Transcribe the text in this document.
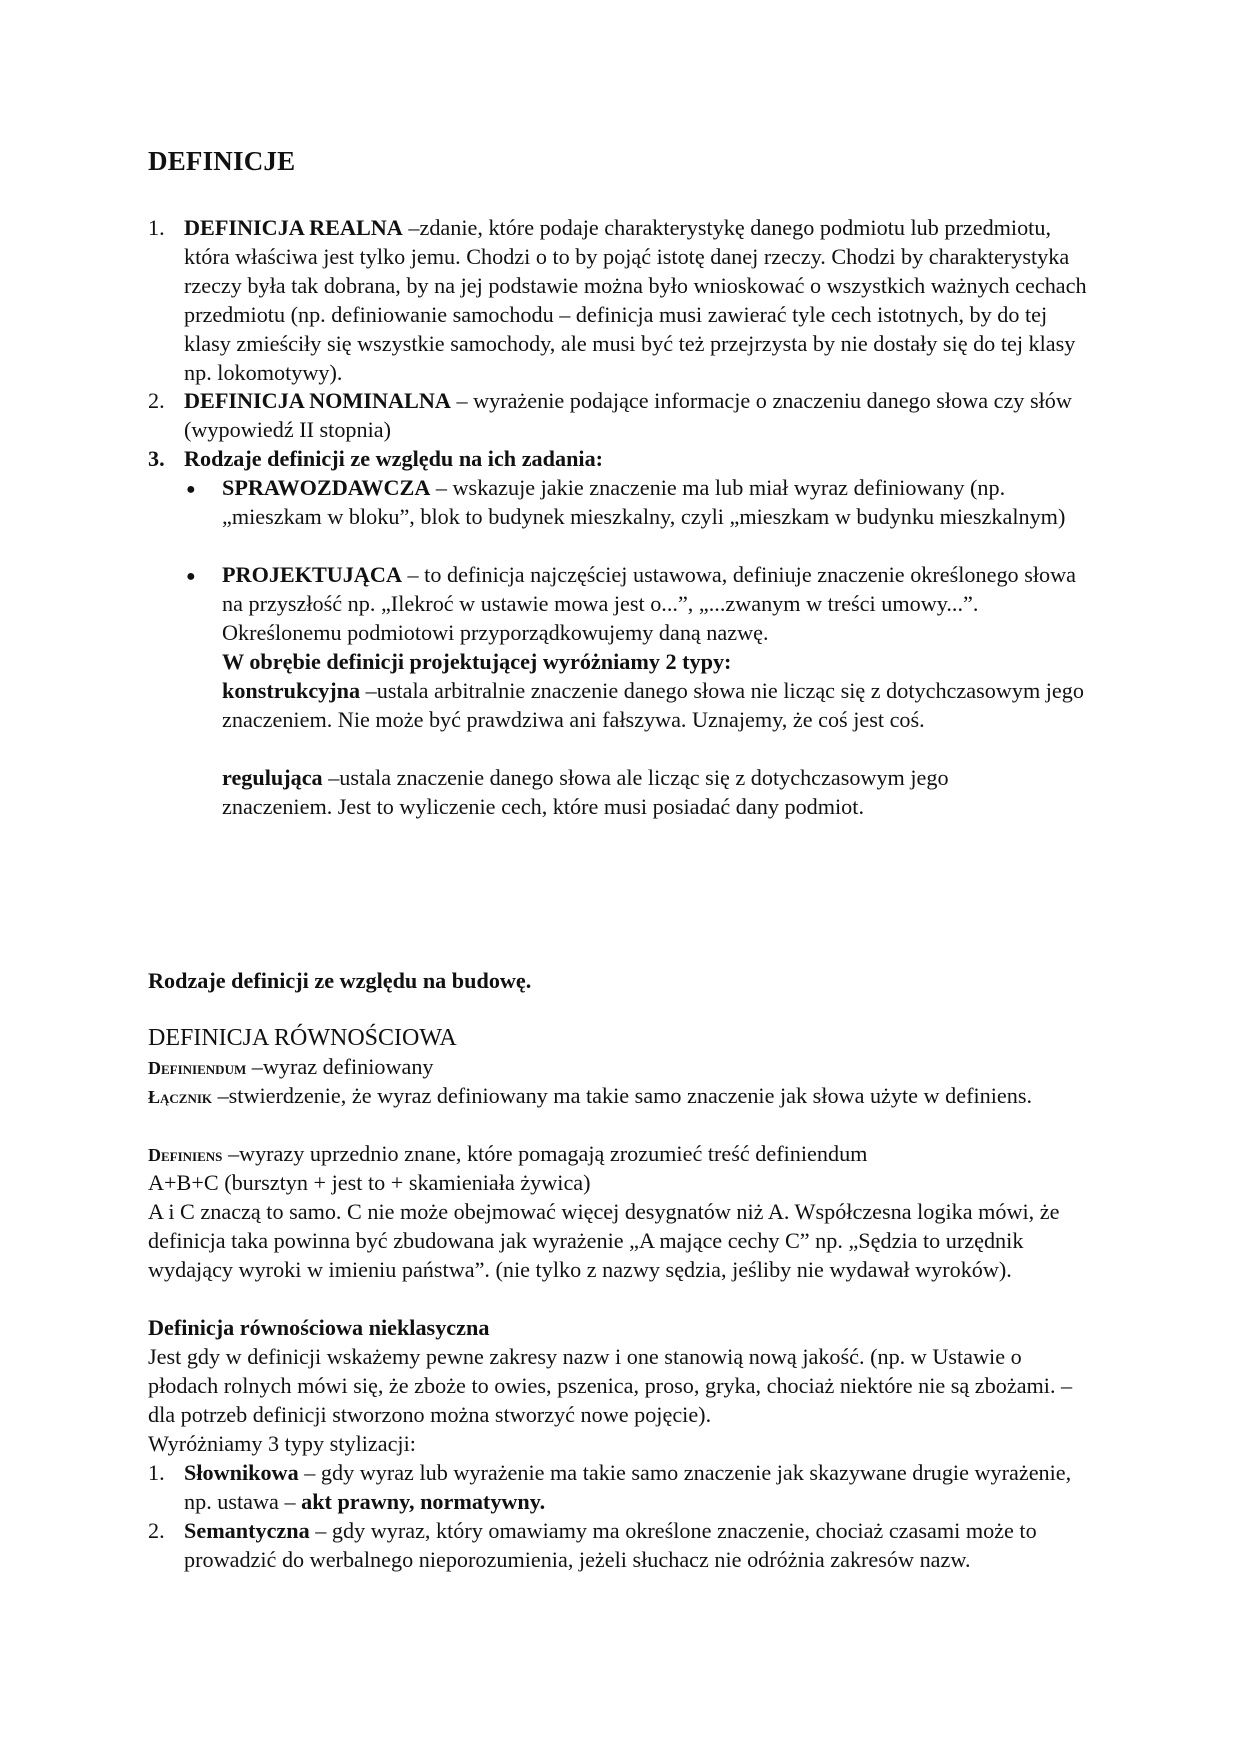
DEFINICJE
1. DEFINICJA REALNA –zdanie, które podaje charakterystykę danego podmiotu lub przedmiotu, która właściwa jest tylko jemu. Chodzi o to by pojąć istotę danej rzeczy. Chodzi by charakterystyka rzeczy była tak dobrana, by na jej podstawie można było wnioskować o wszystkich ważnych cechach przedmiotu (np. definiowanie samochodu – definicja musi zawierać tyle cech istotnych, by do tej klasy zmieściły się wszystkie samochody, ale musi być też przejrzysta by nie dostały się do tej klasy np. lokomotywy).
2. DEFINICJA NOMINALNA – wyrażenie podające informacje o znaczeniu danego słowa czy słów (wypowiedź II stopnia)
3. Rodzaje definicji ze względu na ich zadania:
● SPRAWOZDAWCZA – wskazuje jakie znaczenie ma lub miał wyraz definiowany (np. „mieszkam w bloku”, blok to budynek mieszkalny, czyli „mieszkam w budynku mieszkalnym)
● PROJEKTUJĄCA – to definicja najczęściej ustawowa, definiuje znaczenie określonego słowa na przyszłość np. „Ilekroć w ustawie mowa jest o...”, „...zwanym w treści umowy...”. Określonemu podmiotowi przyporządkowujemy daną nazwę.
W obrębie definicji projektującej wyróżniamy 2 typy:
konstrukcyjna –ustala arbitralnie znaczenie danego słowa nie licząc się z dotychczasowym jego znaczeniem. Nie może być prawdziwa ani fałszywa. Uznajemy, że coś jest coś.
regulująca –ustala znaczenie danego słowa ale licząc się z dotychczasowym jego znaczeniem. Jest to wyliczenie cech, które musi posiadać dany podmiot.
Rodzaje definicji ze względu na budowę.
DEFINICJA RÓWNOŚCIOWA
Definiendum –wyraz definiowany
Łącznik –stwierdzenie, że wyraz definiowany ma takie samo znaczenie jak słowa użyte w definiens.
Definiens –wyrazy uprzednio znane, które pomagają zrozumieć treść definiendum
A+B+C (bursztyn + jest to + skamieniała żywica)
A i C znaczą to samo. C nie może obejmować więcej desygnatów niż A. Współczesna logika mówi, że definicja taka powinna być zbudowana jak wyrażenie „A mające cechy C” np. „Sędzia to urzędnik wydający wyroki w imieniu państwa”. (nie tylko z nazwy sędzia, jeśliby nie wydawał wyroków).
Definicja równościowa nieklasyczna
Jest gdy w definicji wskażemy pewne zakresy nazw i one stanowią nową jakość. (np. w Ustawie o płodach rolnych mówi się, że zboże to owies, pszenica, proso, gryka, chociaż niektóre nie są zbożami. –dla potrzeb definicji stworzono można stworzyć nowe pojęcie).
Wyróżniamy 3 typy stylizacji:
1. Słownikowa – gdy wyraz lub wyrażenie ma takie samo znaczenie jak skazywane drugie wyrażenie, np. ustawa – akt prawny, normatywny.
2. Semantyczna – gdy wyraz, który omawiamy ma określone znaczenie, chociaż czasami może to prowadzić do werbalnego nieporozumienia, jeżeli słuchacz nie odróżnia zakresów nazw.
